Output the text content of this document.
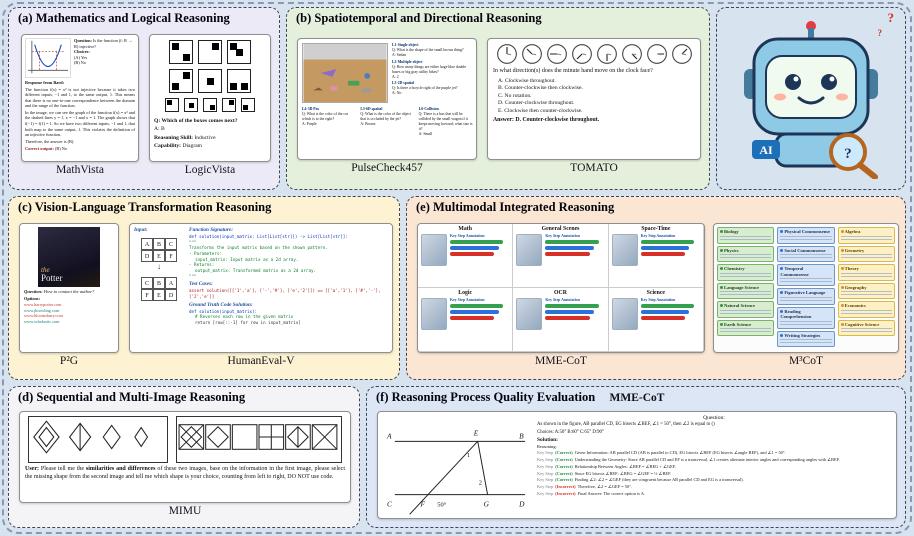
(a) Mathematics and Logical Reasoning
Question: Is the function (f: R → R) injective?
Choices:
(A) Yes
(B) No
Response from Bard:

The function f(x) = x² is not injective because it takes two different inputs, −1 and 1, to the same output, 1. This means that there is no one-to-one correspondence between the domain and the range of the function.

In the image, we can see the graph of the function f(x) = x² and the dashed lines y = 1, x = −1 and x = 1. The graph shows that f(−1) = f(1) = 1. So we have two different inputs, −1 and 1, that both map to the same output, 1. This violates the definition of an injective function.

Therefore, the answer is (B).

Correct output: (B) No
MathVista
Q: Which of the boxes comes next?
A: B
Reasoning Skill: Inductive
Capability: Diagram
LogicVista
(b) Spatiotemporal and Directional Reasoning
L1-Single object
Q: What is the shape of the small brown thing?
A: Sedan
L2-Multiple object
Q: How many things are either large blue double buses or big gray utility bikes?
A: 2
L3-2D spatial
Q: Is there a bicycle right of the purple jet?
A: No
L4-3D Pos
Q: What is the color of the car which is to the right?
A: Purple
L5-6D spatial
Q: What is the color of the object that is occluded by the jet?
A: Brown
L6-Collision
Q: There is a bus that will be collided by the small wagon if it keeps moving forward; what size is it?
A: Small
PulseCheck457
In what direction(s) does the minute hand move on the clock face?
A. Clockwise throughout.
B. Counter-clockwise then clockwise.
C. No rotation.
D. Counter-clockwise throughout.
E. Clockwise then counter-clockwise.
Answer: D. Counter-clockwise throughout.
TOMATO
?
?
AI	?
(c) Vision-Language Transformation Reasoning
the
Potter
Question: How to contact the author?
Options:
www.harrypotter.com
www.jkrowling.com
www.bloomsbury.com
www.scholastic.com
P²G
Input:
A	B	C
D	E	F
↓
C	B	A
F	E	D
Function Signature:
def solution(input_matrix: List[List[str]]) -> List[List[str]]:
"""
Transforms the input matrix based on the shown pattern.
- Parameters:
input_matrix: Input matrix as a 2d array.
- Returns:
output_matrix: Transformed matrix as a 2d array.
"""
Test Cases:
assert solution([['1','a'], ['-','#'], ['e','2']]) == [['a','1'], ['#','-'], ['2','e']]
Ground Truth Code Solution:
def solution(input_matrix):
# Reverses each row in the given matrix
return [row[::-1] for row in input_matrix]
HumanEval-V
(e) Multimodal Integrated Reasoning
Math
Key Step Annotation
General Scenes
Key Step Annotation
Space-Time
Key Step Annotation
Logic
Key Step Annotation
OCR
Key Step Annotation
Science
Key Step Annotation
MME-CoT
Biology
Physics
Chemistry
Language Science
Natural Science
Earth Science
Physical Commonsense
Social Commonsense
Temporal Commonsense
Figurative Language
Reading Comprehension
Writing Strategies
Algebra
Geometry
Theory
Geography
Economics
Cognitive Science
M³CoT
(d) Sequential and Multi-Image Reasoning

User: Please tell me the similarities and differences of these two images, base on the information in the first image, please select the missing shape from the second image and tell me which shape is your choice, counting from left to right, DO NOT use code.

MIMU
(f) Reasoning Process Quality Evaluation	MME-CoT
A	B
E
C	F	G	D
1
2
50°
Question:
As shown in the figure, AB parallel CD, EG bisects ∠BEF, ∠1 = 50°, then ∠2 is equal to ()
Choices: A:50° B:60° C:65° D:90°
Solution:
Reasoning:
Key Step (Correct) Given Information: AB parallel CD (AB is parallel to CD), EG bisects ∠BEF (EG bisects ∠angle BEF), and ∠1 = 50°.
Key Step (Correct) Understanding the Geometry: Since AB parallel CD and EF is a transversal, ∠1 creates alternate interior angles and corresponding angles with ∠BEF.
Key Step (Correct) Relationship Between Angles: ∠BEF = ∠BEG + ∠GEF.
Key Step (Correct) Since EG bisects ∠BEF: ∠BEG = ∠GEF = ½ ∠BEF.
Key Step (Correct) Finding ∠2: ∠2 = ∠GEF (they are congruent because AB parallel CD and EG is a transversal).
Key Step (Incorrect) Therefore, ∠2 = ∠GEF = 50°.
Key Step (Incorrect) Final Answer: The correct option is A.
